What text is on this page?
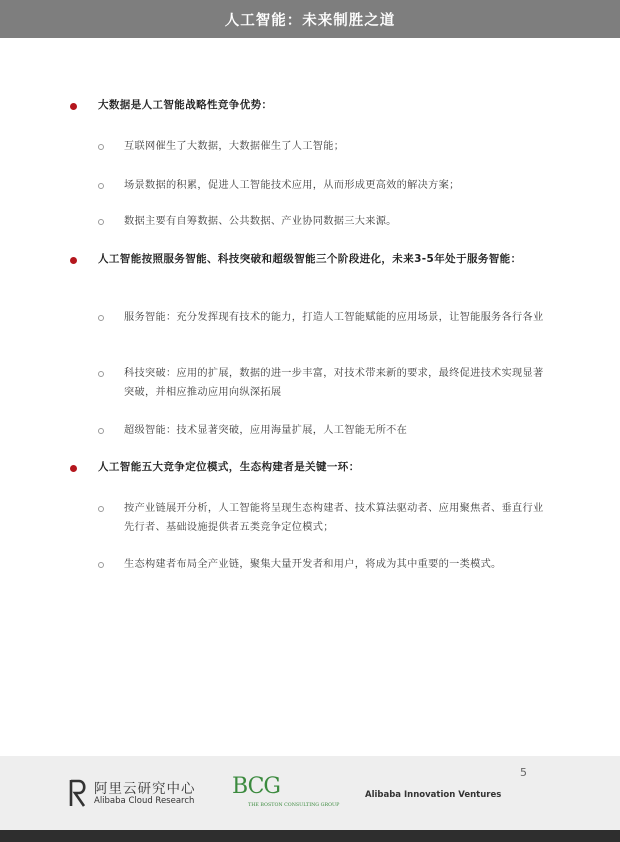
人工智能：未来制胜之道
大数据是人工智能战略性竞争优势：
互联网催生了大数据，大数据催生了人工智能；
场景数据的积累，促进人工智能技术应用，从而形成更高效的解决方案；
数据主要有自筹数据、公共数据、产业协同数据三大来源。
人工智能按照服务智能、科技突破和超级智能三个阶段进化，未来3-5年处于服务智能：
服务智能：充分发挥现有技术的能力，打造人工智能赋能的应用场景，让智能服务各行各业
科技突破：应用的扩展，数据的进一步丰富，对技术带来新的要求，最终促进技术实现显著突破，并相应推动应用向纵深拓展
超级智能：技术显著突破，应用海量扩展，人工智能无所不在
人工智能五大竞争定位模式，生态构建者是关键一环：
按产业链展开分析，人工智能将呈现生态构建者、技术算法驱动者、应用聚焦者、垂直行业先行者、基础设施提供者五类竞争定位模式；
生态构建者布局全产业链，聚集大量开发者和用户，将成为其中重要的一类模式。
5
阿里云研究中心
Alibaba Cloud Research
BCG
THE BOSTON CONSULTING GROUP
Alibaba Innovation Ventures
